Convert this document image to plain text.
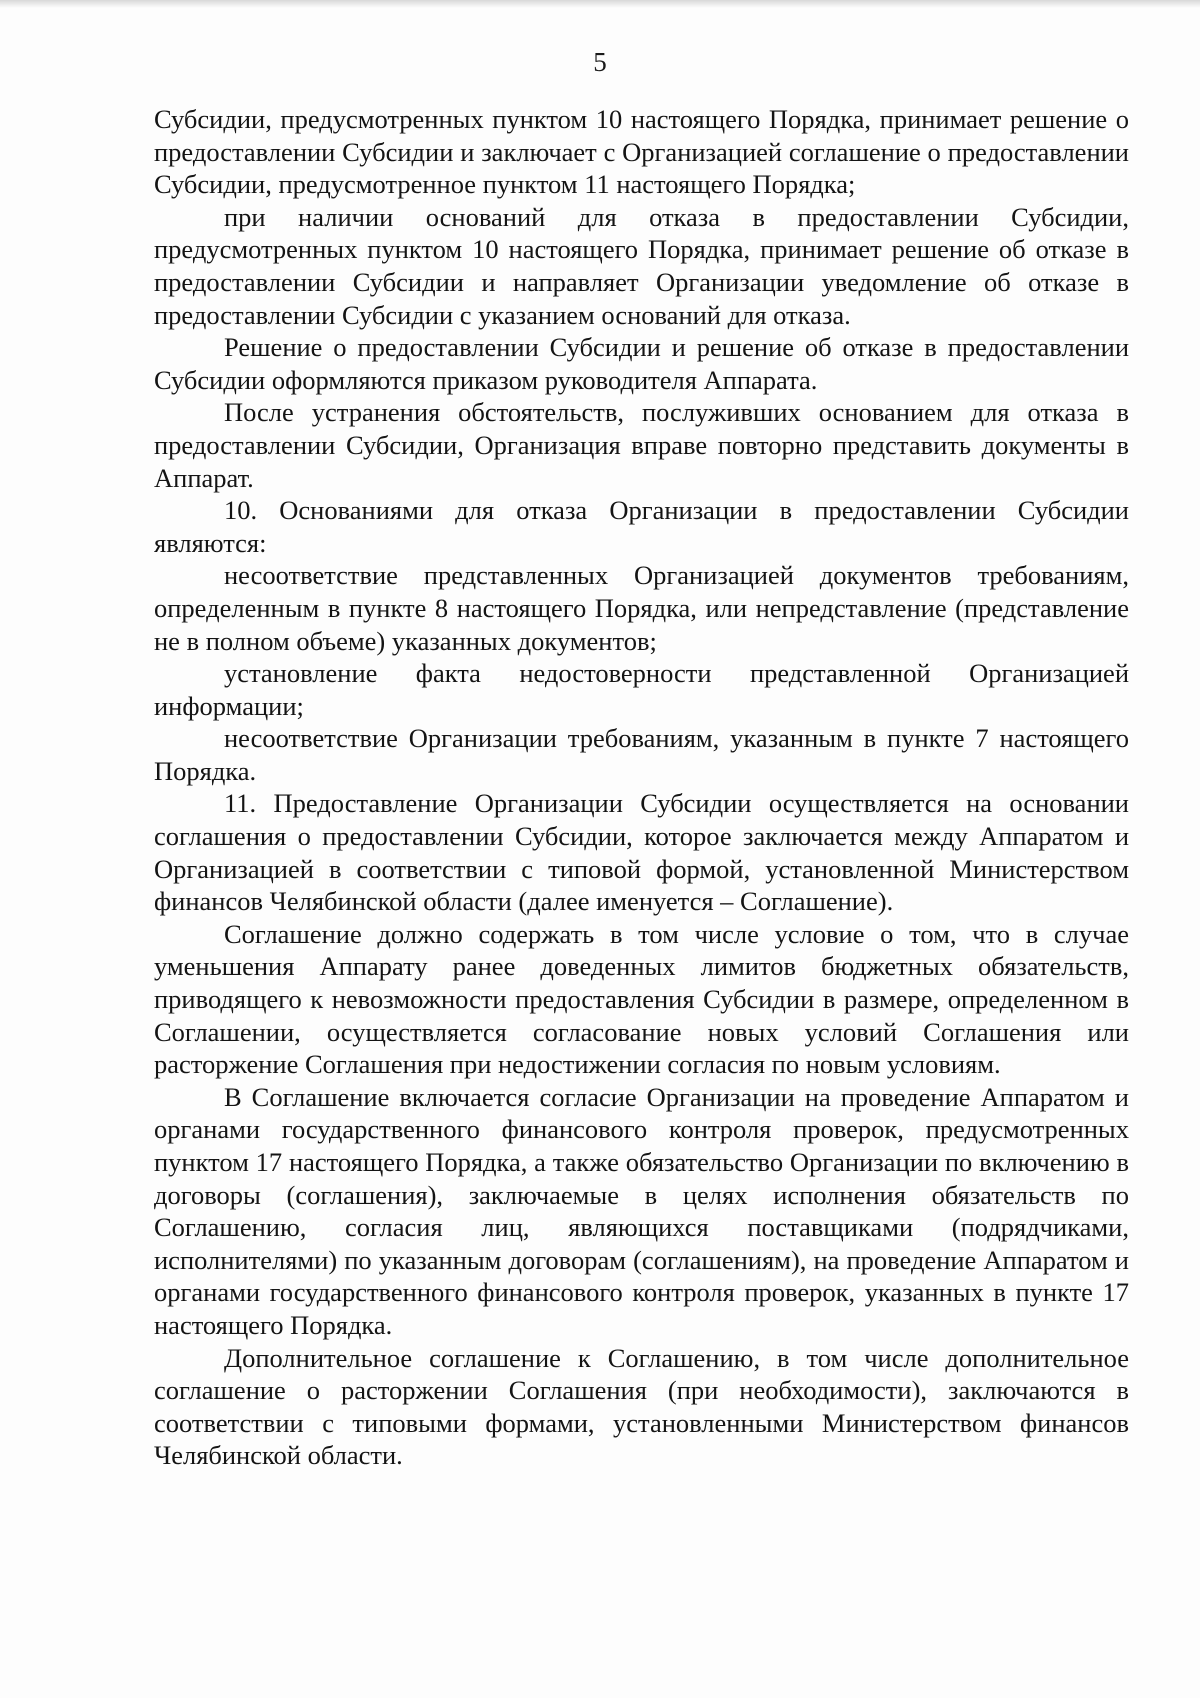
5

Субсидии, предусмотренных пунктом 10 настоящего Порядка, принимает решение о предоставлении Субсидии и заключает с Организацией соглашение о предоставлении Субсидии, предусмотренное пунктом 11 настоящего Порядка;

при наличии оснований для отказа в предоставлении Субсидии, предусмотренных пунктом 10 настоящего Порядка, принимает решение об отказе в предоставлении Субсидии и направляет Организации уведомление об отказе в предоставлении Субсидии с указанием оснований для отказа.

Решение о предоставлении Субсидии и решение об отказе в предоставлении Субсидии оформляются приказом руководителя Аппарата.

После устранения обстоятельств, послуживших основанием для отказа в предоставлении Субсидии, Организация вправе повторно представить документы в Аппарат.

10. Основаниями для отказа Организации в предоставлении Субсидии являются:

несоответствие представленных Организацией документов требованиям, определенным в пункте 8 настоящего Порядка, или непредставление (представление не в полном объеме) указанных документов;

установление факта недостоверности представленной Организацией информации;

несоответствие Организации требованиям, указанным в пункте 7 настоящего Порядка.

11. Предоставление Организации Субсидии осуществляется на основании соглашения о предоставлении Субсидии, которое заключается между Аппаратом и Организацией в соответствии с типовой формой, установленной Министерством финансов Челябинской области (далее именуется – Соглашение).

Соглашение должно содержать в том числе условие о том, что в случае уменьшения Аппарату ранее доведенных лимитов бюджетных обязательств, приводящего к невозможности предоставления Субсидии в размере, определенном в Соглашении, осуществляется согласование новых условий Соглашения или расторжение Соглашения при недостижении согласия по новым условиям.

В Соглашение включается согласие Организации на проведение Аппаратом и органами государственного финансового контроля проверок, предусмотренных пунктом 17 настоящего Порядка, а также обязательство Организации по включению в договоры (соглашения), заключаемые в целях исполнения обязательств по Соглашению, согласия лиц, являющихся поставщиками (подрядчиками, исполнителями) по указанным договорам (соглашениям), на проведение Аппаратом и органами государственного финансового контроля проверок, указанных в пункте 17 настоящего Порядка.

Дополнительное соглашение к Соглашению, в том числе дополнительное соглашение о расторжении Соглашения (при необходимости), заключаются в соответствии с типовыми формами, установленными Министерством финансов Челябинской области.
